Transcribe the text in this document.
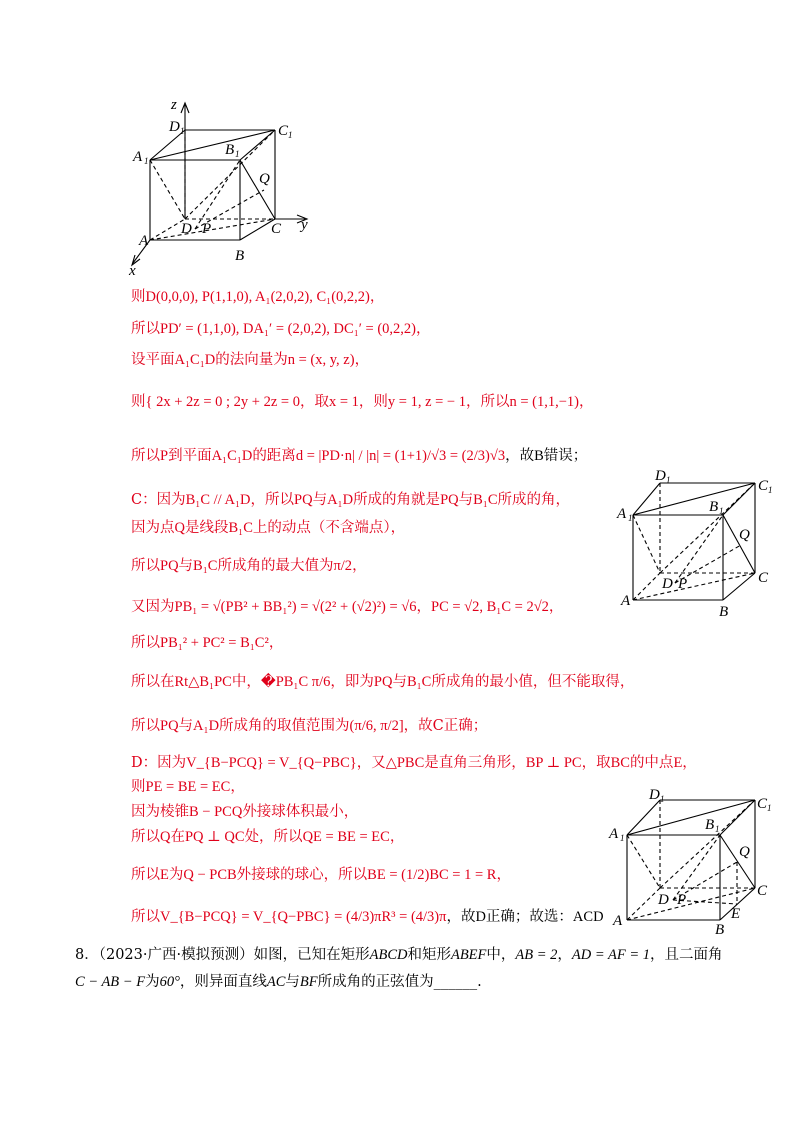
z
D 1	C 1
A 1
B 1
Q
D P	C y
A
B
x
D 1	C 1
A 1
B 1
Q
D P	C
A
B
D 1	C 1
A 1
B 1
Q
D P
C
A
B
E
则D(0,0,0), P(1,1,0), A₁(2,0,2), C₁(0,2,2)，
所以PD′ = (1,1,0), DA₁′ = (2,0,2), DC₁′ = (0,2,2)，
设平面A₁C₁D的法向量为n = (x, y, z)，
则{ 2x + 2z = 0 ; 2y + 2z = 0，取x = 1，则y = 1, z = − 1，所以n = (1,1,−1)，
所以P到平面A₁C₁D的距离d = |PD·n| / |n| = (1+1)/√3 = (2/3)√3，故B错误；
C：因为B₁C // A₁D，所以PQ与A₁D所成的角就是PQ与B₁C所成的角，
因为点Q是线段B₁C上的动点（不含端点），
所以PQ与B₁C所成角的最大值为π/2，
又因为PB₁ = √(PB² + BB₁²) = √(2² + (√2)²) = √6，PC = √2, B₁C = 2√2，
所以PB₁² + PC² = B₁C²，
所以在Rt△B₁PC中，�PB₁C π/6，即为PQ与B₁C所成角的最小值，但不能取得，
所以PQ与A₁D所成角的取值范围为(π/6, π/2]，故C正确；
D：因为V_{B−PCQ} = V_{Q−PBC}，又△PBC是直角三角形，BP ⊥ PC，取BC的中点E，
则PE = BE = EC，
因为棱锥B − PCQ外接球体积最小，
所以Q在PQ ⊥ QC处，所以QE = BE = EC，
所以E为Q − PCB外接球的球心，所以BE = (1/2)BC = 1 = R，
所以V_{B−PCQ} = V_{Q−PBC} = (4/3)πR³ = (4/3)π，故D正确；故选：ACD
8．（2023·广西·模拟预测）如图，已知在矩形ABCD和矩形ABEF中，AB = 2，AD = AF = 1，且二面角
C − AB − F为60°，则异面直线AC与BF所成角的正弦值为______.
